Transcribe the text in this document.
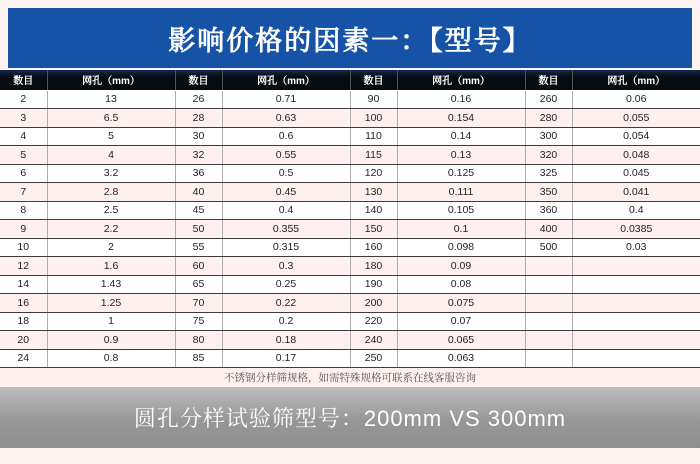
影响价格的因素一：【型号】
数目	网孔（mm）	数目	网孔（mm）	数目	网孔（mm）	数目	网孔（mm）
2	13	26	0.71	90	0.16	260	0.06
3	6.5	28	0.63	100	0.154	280	0.055
4	5	30	0.6	110	0.14	300	0.054
5	4	32	0.55	115	0.13	320	0.048
6	3.2	36	0.5	120	0.125	325	0.045
7	2.8	40	0.45	130	0.111	350	0.041
8	2.5	45	0.4	140	0.105	360	0.4
9	2.2	50	0.355	150	0.1	400	0.0385
10	2	55	0.315	160	0.098	500	0.03
12	1.6	60	0.3	180	0.09		
14	1.43	65	0.25	190	0.08		
16	1.25	70	0.22	200	0.075		
18	1	75	0.2	220	0.07		
20	0.9	80	0.18	240	0.065		
24	0.8	85	0.17	250	0.063		
不锈钢分样筛规格，如需特殊规格可联系在线客服咨询							
圆孔分样试验筛型号：200mm VS 300mm
